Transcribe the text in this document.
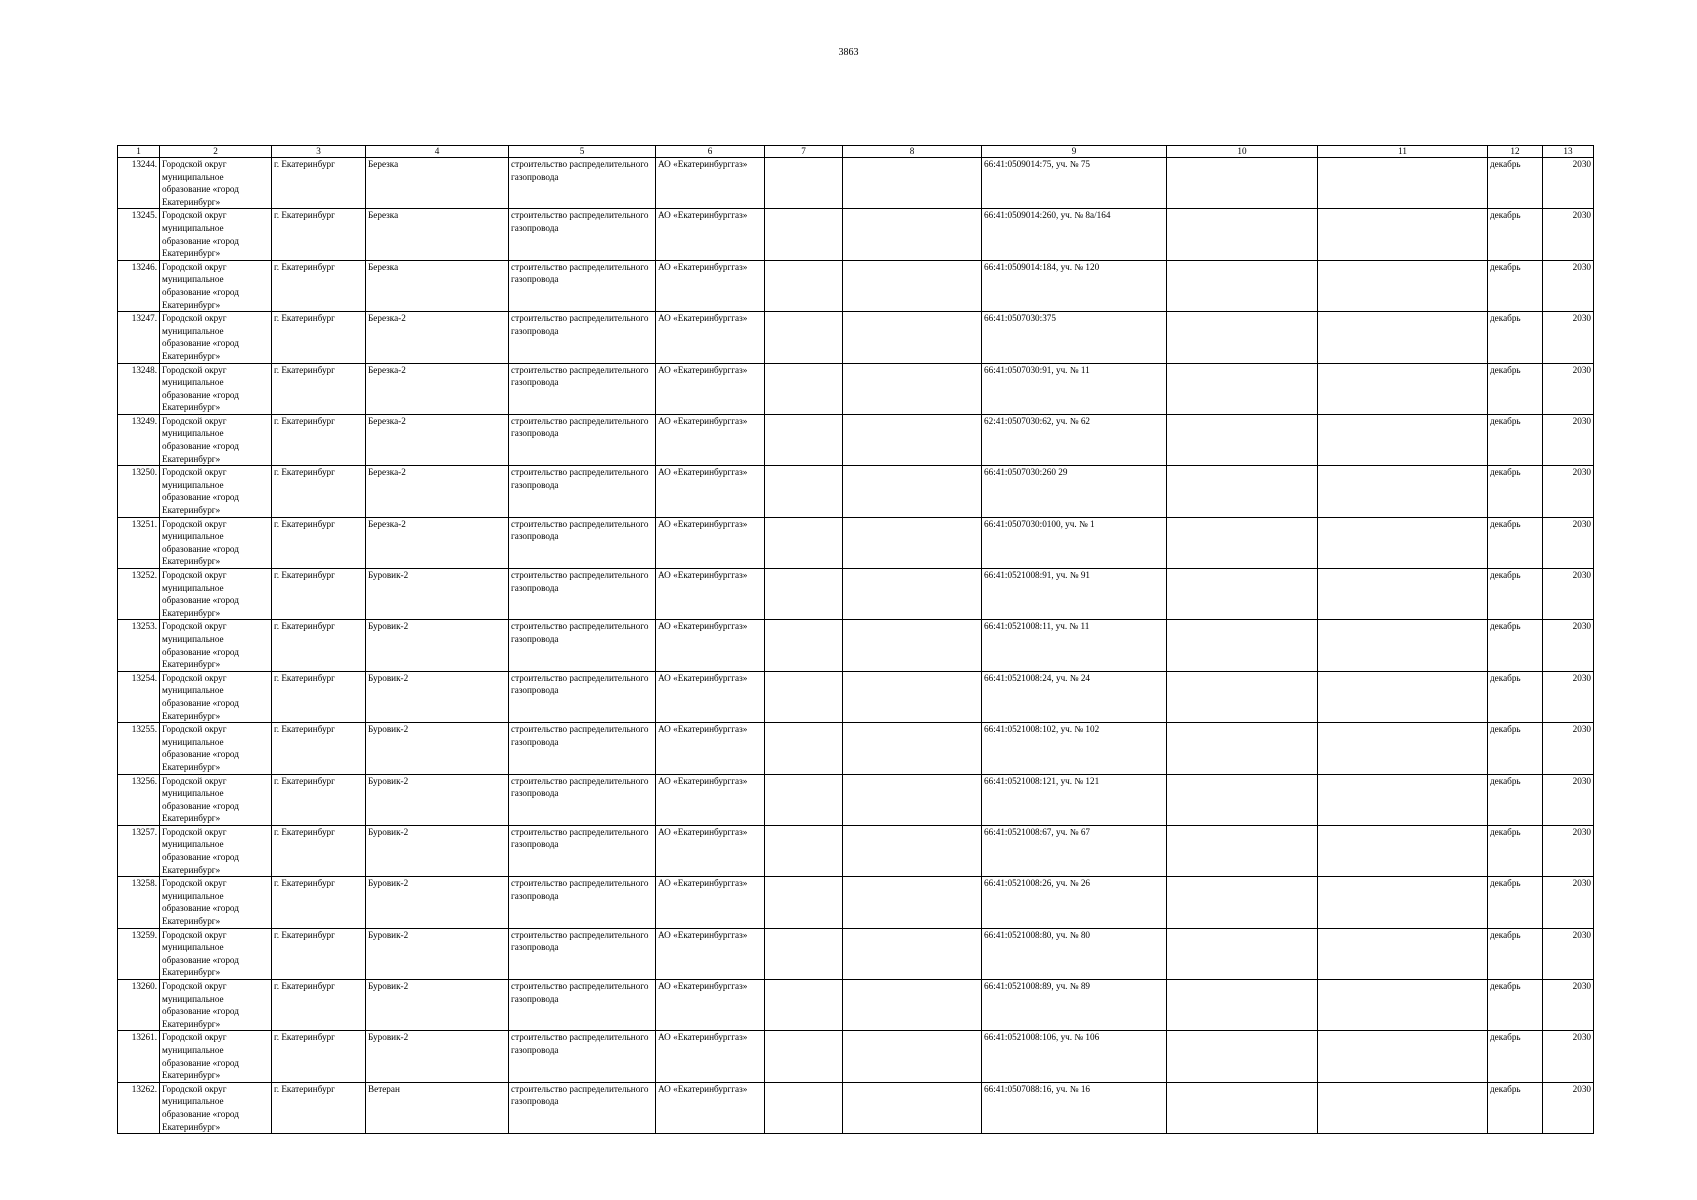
3863
1	2	3	4	5	6	7	8	9	10	11	12	13
13244.	Городской округ муниципальное образование «город Екатеринбург»	г. Екатеринбург	Березка	строительство распределительного газопровода	АО «Екатеринбурггаз»			66:41:0509014:75, уч. № 75			декабрь	2030
13245.	Городской округ муниципальное образование «город Екатеринбург»	г. Екатеринбург	Березка	строительство распределительного газопровода	АО «Екатеринбурггаз»			66:41:0509014:260, уч. № 8а/164			декабрь	2030
13246.	Городской округ муниципальное образование «город Екатеринбург»	г. Екатеринбург	Березка	строительство распределительного газопровода	АО «Екатеринбурггаз»			66:41:0509014:184, уч. № 120			декабрь	2030
13247.	Городской округ муниципальное образование «город Екатеринбург»	г. Екатеринбург	Березка-2	строительство распределительного газопровода	АО «Екатеринбурггаз»			66:41:0507030:375			декабрь	2030
13248.	Городской округ муниципальное образование «город Екатеринбург»	г. Екатеринбург	Березка-2	строительство распределительного газопровода	АО «Екатеринбурггаз»			66:41:0507030:91, уч. № 11			декабрь	2030
13249.	Городской округ муниципальное образование «город Екатеринбург»	г. Екатеринбург	Березка-2	строительство распределительного газопровода	АО «Екатеринбурггаз»			62:41:0507030:62, уч. № 62			декабрь	2030
13250.	Городской округ муниципальное образование «город Екатеринбург»	г. Екатеринбург	Березка-2	строительство распределительного газопровода	АО «Екатеринбурггаз»			66:41:0507030:260 29			декабрь	2030
13251.	Городской округ муниципальное образование «город Екатеринбург»	г. Екатеринбург	Березка-2	строительство распределительного газопровода	АО «Екатеринбурггаз»			66:41:0507030:0100, уч. № 1			декабрь	2030
13252.	Городской округ муниципальное образование «город Екатеринбург»	г. Екатеринбург	Буровик-2	строительство распределительного газопровода	АО «Екатеринбурггаз»			66:41:0521008:91, уч. № 91			декабрь	2030
13253.	Городской округ муниципальное образование «город Екатеринбург»	г. Екатеринбург	Буровик-2	строительство распределительного газопровода	АО «Екатеринбурггаз»			66:41:0521008:11, уч. № 11			декабрь	2030
13254.	Городской округ муниципальное образование «город Екатеринбург»	г. Екатеринбург	Буровик-2	строительство распределительного газопровода	АО «Екатеринбурггаз»			66:41:0521008:24, уч. № 24			декабрь	2030
13255.	Городской округ муниципальное образование «город Екатеринбург»	г. Екатеринбург	Буровик-2	строительство распределительного газопровода	АО «Екатеринбурггаз»			66:41:0521008:102, уч. № 102			декабрь	2030
13256.	Городской округ муниципальное образование «город Екатеринбург»	г. Екатеринбург	Буровик-2	строительство распределительного газопровода	АО «Екатеринбурггаз»			66:41:0521008:121, уч. № 121			декабрь	2030
13257.	Городской округ муниципальное образование «город Екатеринбург»	г. Екатеринбург	Буровик-2	строительство распределительного газопровода	АО «Екатеринбурггаз»			66:41:0521008:67, уч. № 67			декабрь	2030
13258.	Городской округ муниципальное образование «город Екатеринбург»	г. Екатеринбург	Буровик-2	строительство распределительного газопровода	АО «Екатеринбурггаз»			66:41:0521008:26, уч. № 26			декабрь	2030
13259.	Городской округ муниципальное образование «город Екатеринбург»	г. Екатеринбург	Буровик-2	строительство распределительного газопровода	АО «Екатеринбурггаз»			66:41:0521008:80, уч. № 80			декабрь	2030
13260.	Городской округ муниципальное образование «город Екатеринбург»	г. Екатеринбург	Буровик-2	строительство распределительного газопровода	АО «Екатеринбурггаз»			66:41:0521008:89, уч. № 89			декабрь	2030
13261.	Городской округ муниципальное образование «город Екатеринбург»	г. Екатеринбург	Буровик-2	строительство распределительного газопровода	АО «Екатеринбурггаз»			66:41:0521008:106, уч. № 106			декабрь	2030
13262.	Городской округ муниципальное образование «город Екатеринбург»	г. Екатеринбург	Ветеран	строительство распределительного газопровода	АО «Екатеринбурггаз»			66:41:0507088:16, уч. № 16			декабрь	2030
